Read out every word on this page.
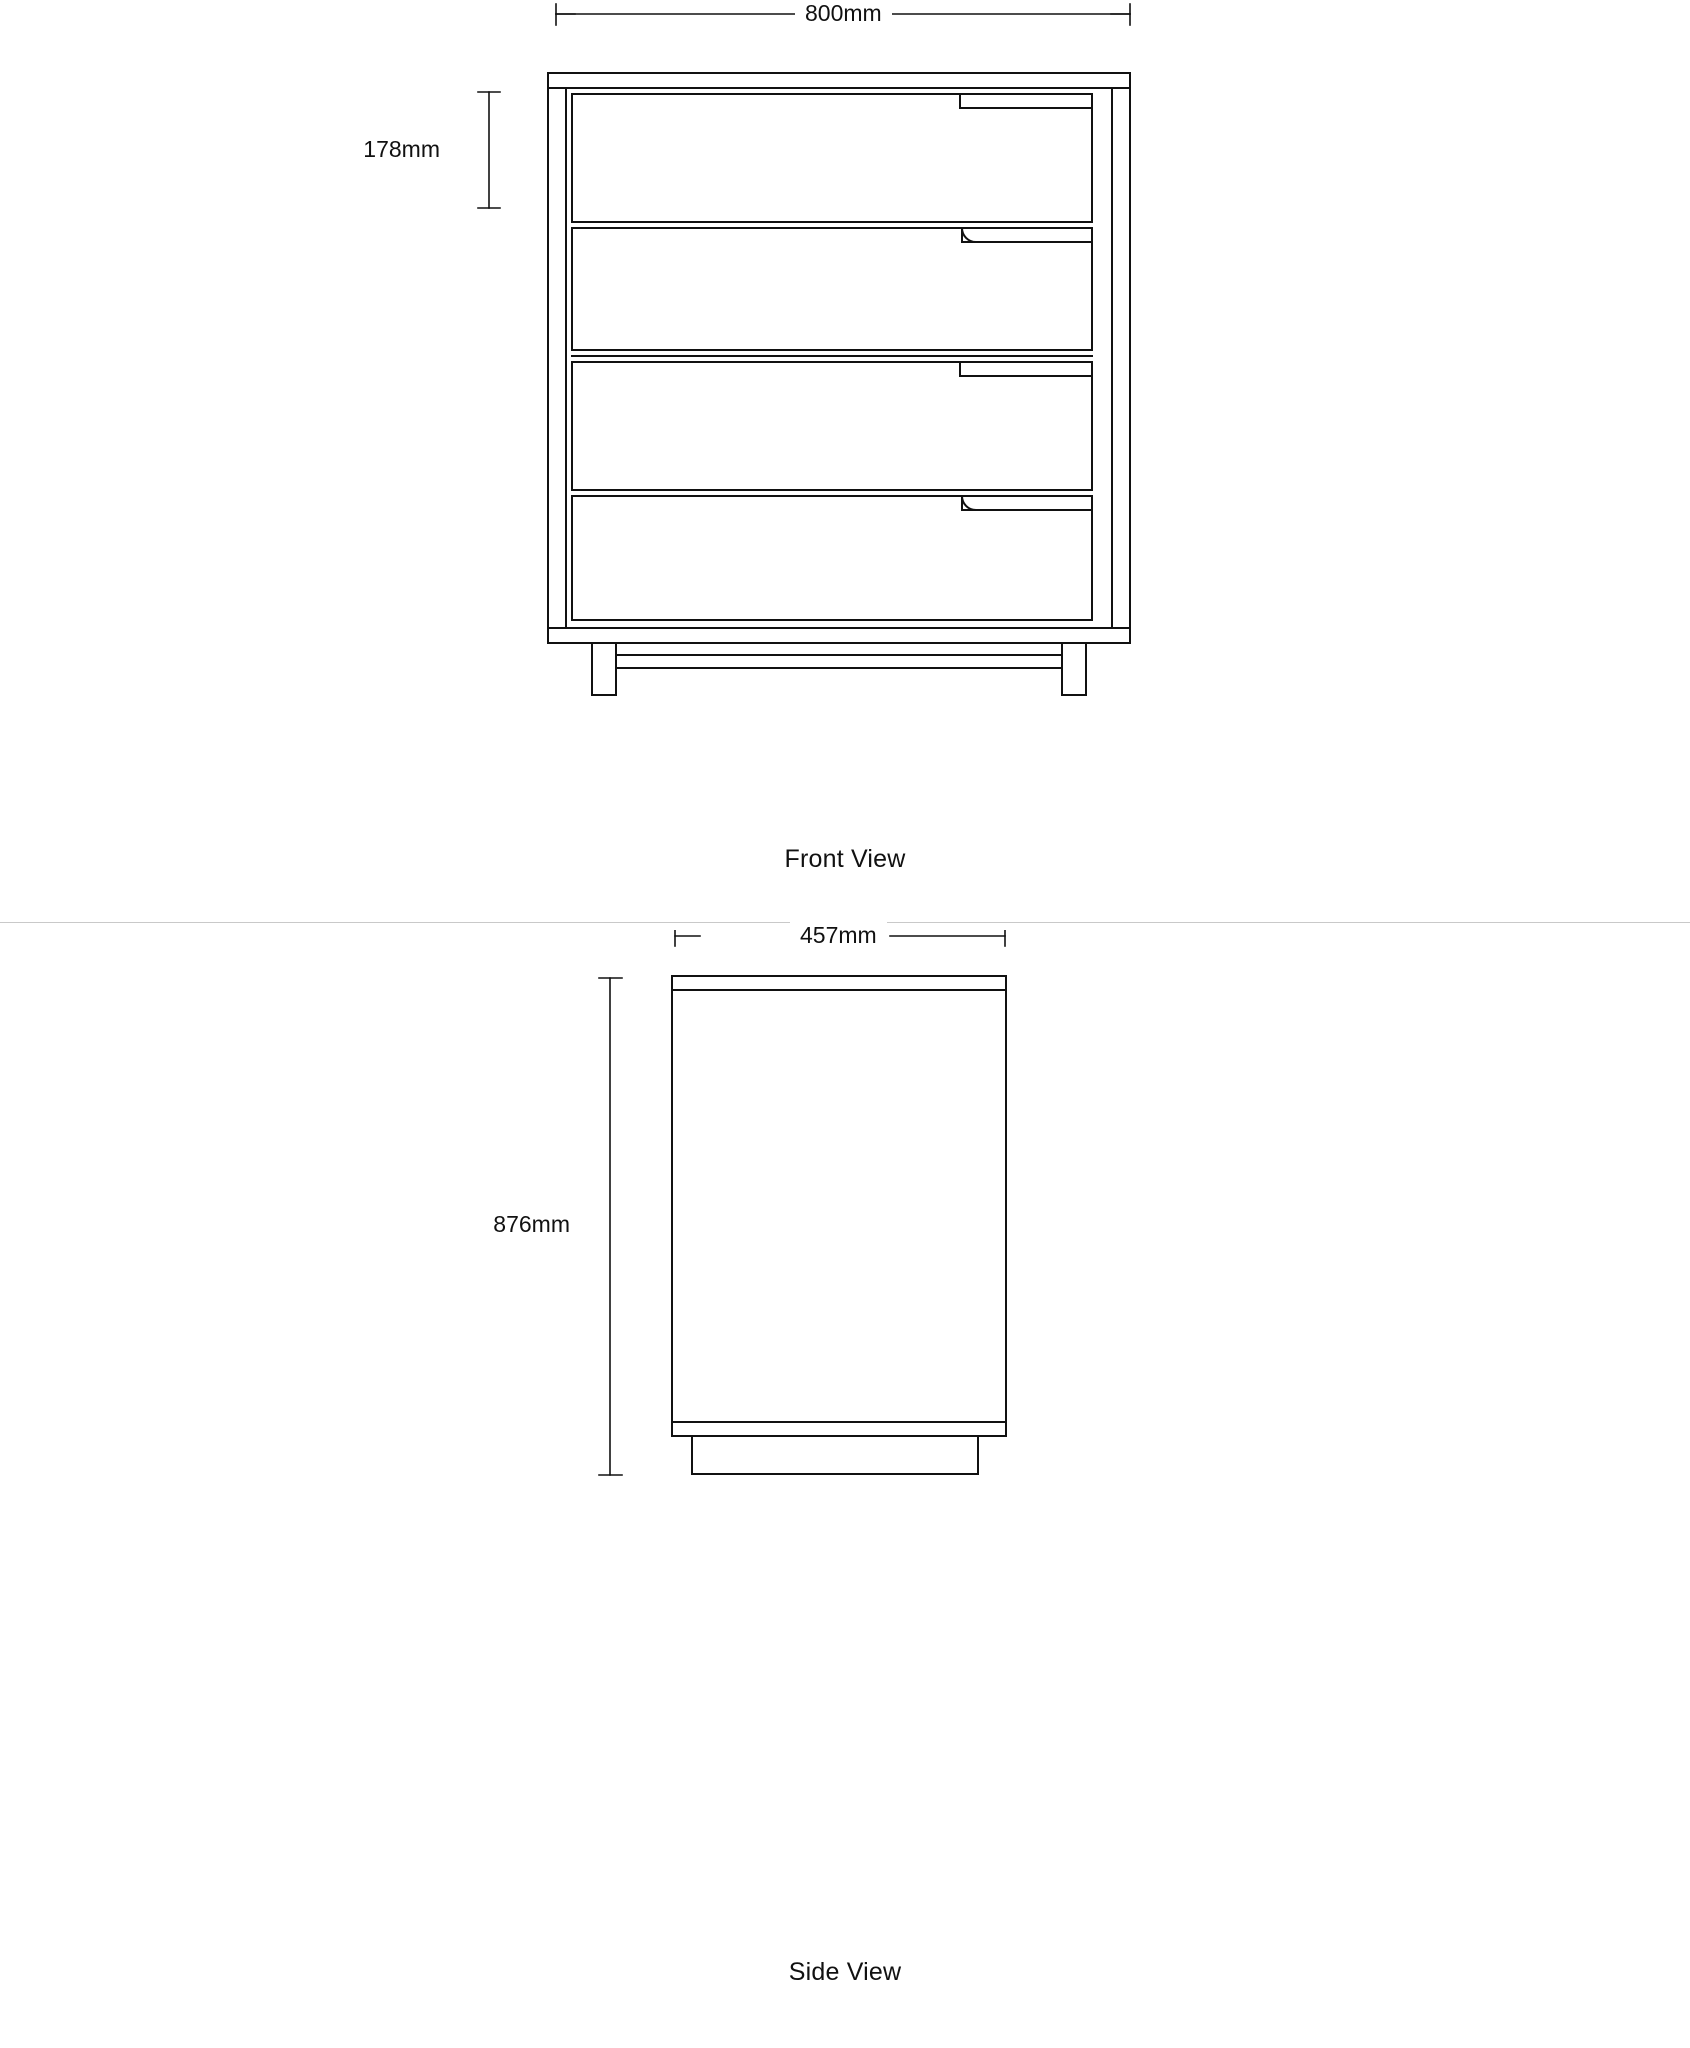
800mm
178mm
Front View
457mm
876mm
Side View
